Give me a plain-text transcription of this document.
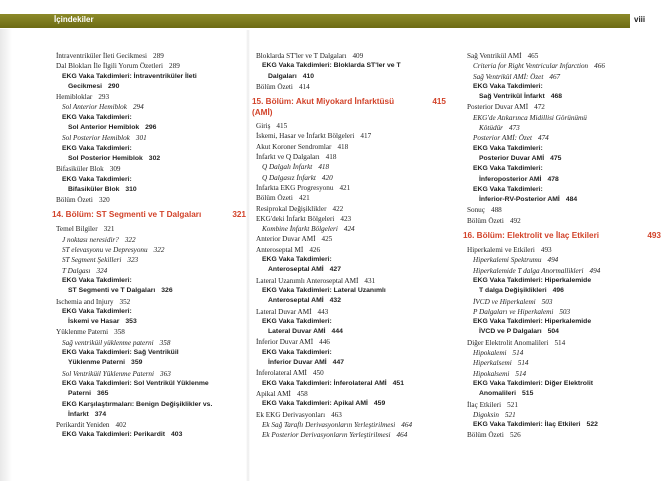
İçindekiler	viii
İntraventriküler İleti Gecikmesi 289
Dal Blokları İle İlgili Yorum Özetleri 289
EKG Vaka Takdimleri: İntraventriküler İleti
Gecikmesi 290
Hemibloklar 293
Sol Anterior Hemiblok 294
EKG Vaka Takdimleri:
Sol Anterior Hemiblok 296
Sol Posterior Hemiblok 301
EKG Vaka Takdimleri:
Sol Posterior Hemiblok 302
Bifasiküler Blok 309
EKG Vaka Takdimleri:
Bifasiküler Blok 310
Bölüm Özeti 320
14. Bölüm: ST Segmenti ve T Dalgaları	321
Temel Bilgiler 321
J noktası neresidir? 322
ST elevasyonu ve Depresyonu 322
ST Segment Şekilleri 323
T Dalgası 324
EKG Vaka Takdimleri:
ST Segmenti ve T Dalgaları 326
Ischemia and Injury 352
EKG Vaka Takdimleri:
İskemi ve Hasar 353
Yüklenme Paterni 358
Sağ ventriküil yüklenme paterni 358
EKG Vaka Takdimleri: Sağ Ventriküil
Yüklenme Paterni 359
Sol Ventriküil Yüklenme Paterni 363
EKG Vaka Takdimleri: Sol Ventrikül Yüklenme
Paterni 365
EKG Karşılaştırmaları: Benign Değişiklikler vs.
İnfarkt 374
Perikardit Yeniden 402
EKG Vaka Takdimleri: Perikardit 403
Bloklarda ST'ler ve T Dalgaları 409
EKG Vaka Takdimleri: Bloklarda ST'ler ve T
Dalgaları 410
Bölüm Özeti 414
15. Bölüm: Akut Miyokard İnfarktüsü (AMİ)
415
Giriş 415
İskemi, Hasar ve İnfarkt Bölgeleri 417
Akut Koroner Sendromlar 418
İnfarkt ve Q Dalgaları 418
Q Dalgalı İnfarkt 418
Q Dalgasız İnfarkt 420
İnfarkta EKG Progresyonu 421
Bölüm Özeti 421
Resiprokal Değişiklikler 422
EKG'deki İnfarkt Bölgeleri 423
Kombine İnfarkt Bölgeleri 424
Anterior Duvar AMİ 425
Anteroseptal Mİ 426
EKG Vaka Takdimleri:
Anteroseptal AMİ 427
Lateral Uzanımlı Anteroseptal AMİ 431
EKG Vaka Takdimleri: Lateral Uzanımlı
Anteroseptal AMİ 432
Lateral Duvar AMİ 443
EKG Vaka Takdimleri:
Lateral Duvar AMİ 444
İnferior Duvar AMİ 446
EKG Vaka Takdimleri:
İnferior Duvar AMİ 447
İnferolateral AMİ 450
EKG Vaka Takdimleri: İnferolateral AMİ 451
Apikal AMİ 458
EKG Vaka Takdimleri: Apikal AMİ 459
Ek EKG Derivasyonları 463
Ek Sağ Taraflı Derivasyonların Yerleştirilmesi 464
Ek Posterior Derivasyonların Yerleştirilmesi 464
Sağ Ventrikül AMİ 465
Criteria for Right Ventricular Infarction 466
Sağ Ventrikül AMİ: Özet 467
EKG Vaka Takdimleri:
Sağ Ventrikül İnfarkt 468
Posterior Duvar AMİ 472
EKG'de Atıkarınca Midillisi Görünümü
Kötüdür 473
Posterior AMİ: Özet 474
EKG Vaka Takdimleri:
Posterior Duvar AMİ 475
EKG Vaka Takdimleri:
İnferoposterior AMİ 478
EKG Vaka Takdimleri:
İnferior-RV-Posterior AMİ 484
Sonuç 488
Bölüm Özeti 492
16. Bölüm: Elektrolit ve İlaç Etkileri	493
Hiperkalemi ve Etkileri 493
Hiperkalemi Spektrumu 494
Hiperkalemide T dalga Anormallikleri 494
EKG Vaka Takdimleri: Hiperkalemide
T dalga Değişiklikleri 496
İVCD ve Hiperkalemi 503
P Dalgaları ve Hiperkalemi 503
EKG Vaka Takdimleri: Hiperkalemide
İVCD ve P Dalgaları 504
Diğer Elektrolit Anomalileri 514
Hipokalemi 514
Hiperkalsemi 514
Hipokalsemi 514
EKG Vaka Takdimleri: Diğer Elektrolit
Anomalileri 515
İlaç Etkileri 521
Digoksin 521
EKG Vaka Takdimleri: İlaç Etkileri 522
Bölüm Özeti 526
